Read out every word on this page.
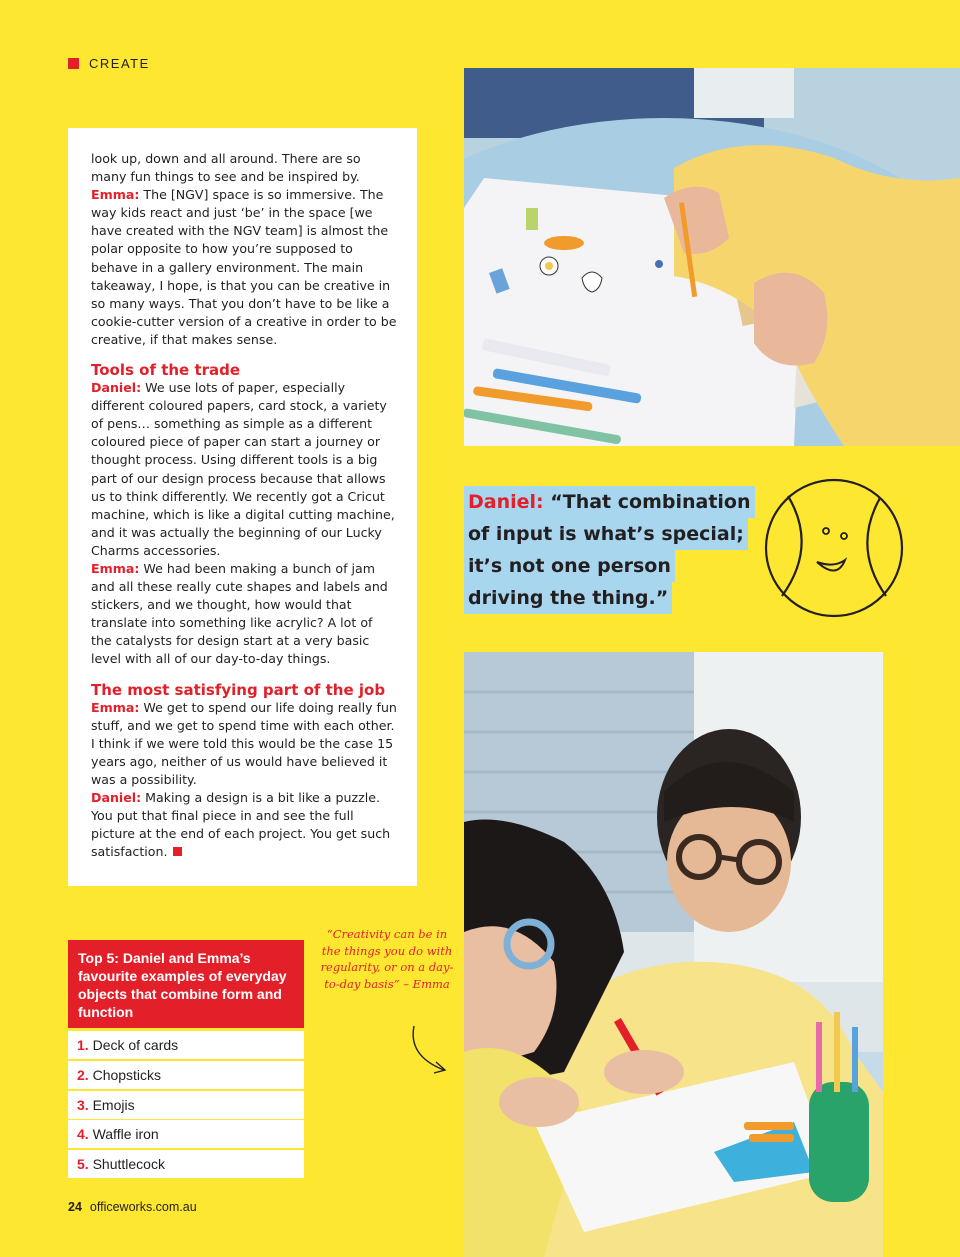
CREATE

look up, down and all around. There are so many fun things to see and be inspired by.
Emma: The [NGV] space is so immersive. The way kids react and just ‘be’ in the space [we have created with the NGV team] is almost the polar opposite to how you’re supposed to behave in a gallery environment. The main takeaway, I hope, is that you can be creative in so many ways. That you don’t have to be like a cookie-cutter version of a creative in order to be creative, if that makes sense.

Tools of the trade

Daniel: We use lots of paper, especially different coloured papers, card stock, a variety of pens… something as simple as a different coloured piece of paper can start a journey or thought process. Using different tools is a big part of our design process because that allows us to think differently. We recently got a Cricut machine, which is like a digital cutting machine, and it was actually the beginning of our Lucky Charms accessories.
Emma: We had been making a bunch of jam and all these really cute shapes and labels and stickers, and we thought, how would that translate into something like acrylic? A lot of the catalysts for design start at a very basic level with all of our day-to-day things.

The most satisfying part of the job

Emma: We get to spend our life doing really fun stuff, and we get to spend time with each other. I think if we were told this would be the case 15 years ago, neither of us would have believed it was a possibility.
Daniel: Making a design is a bit like a puzzle. You put that final piece in and see the full picture at the end of each project. You get such satisfaction.

Daniel: “That combination
of input is what’s special;
it’s not one person
driving the thing.”
Top 5: Daniel and Emma’s favourite examples of everyday objects that combine form and function
1. Deck of cards
2. Chopsticks
3. Emojis
4. Waffle iron
5. Shuttlecock
“Creativity can be in the things you do with regularity, or on a day-to-day basis” – Emma
24 officeworks.com.au
